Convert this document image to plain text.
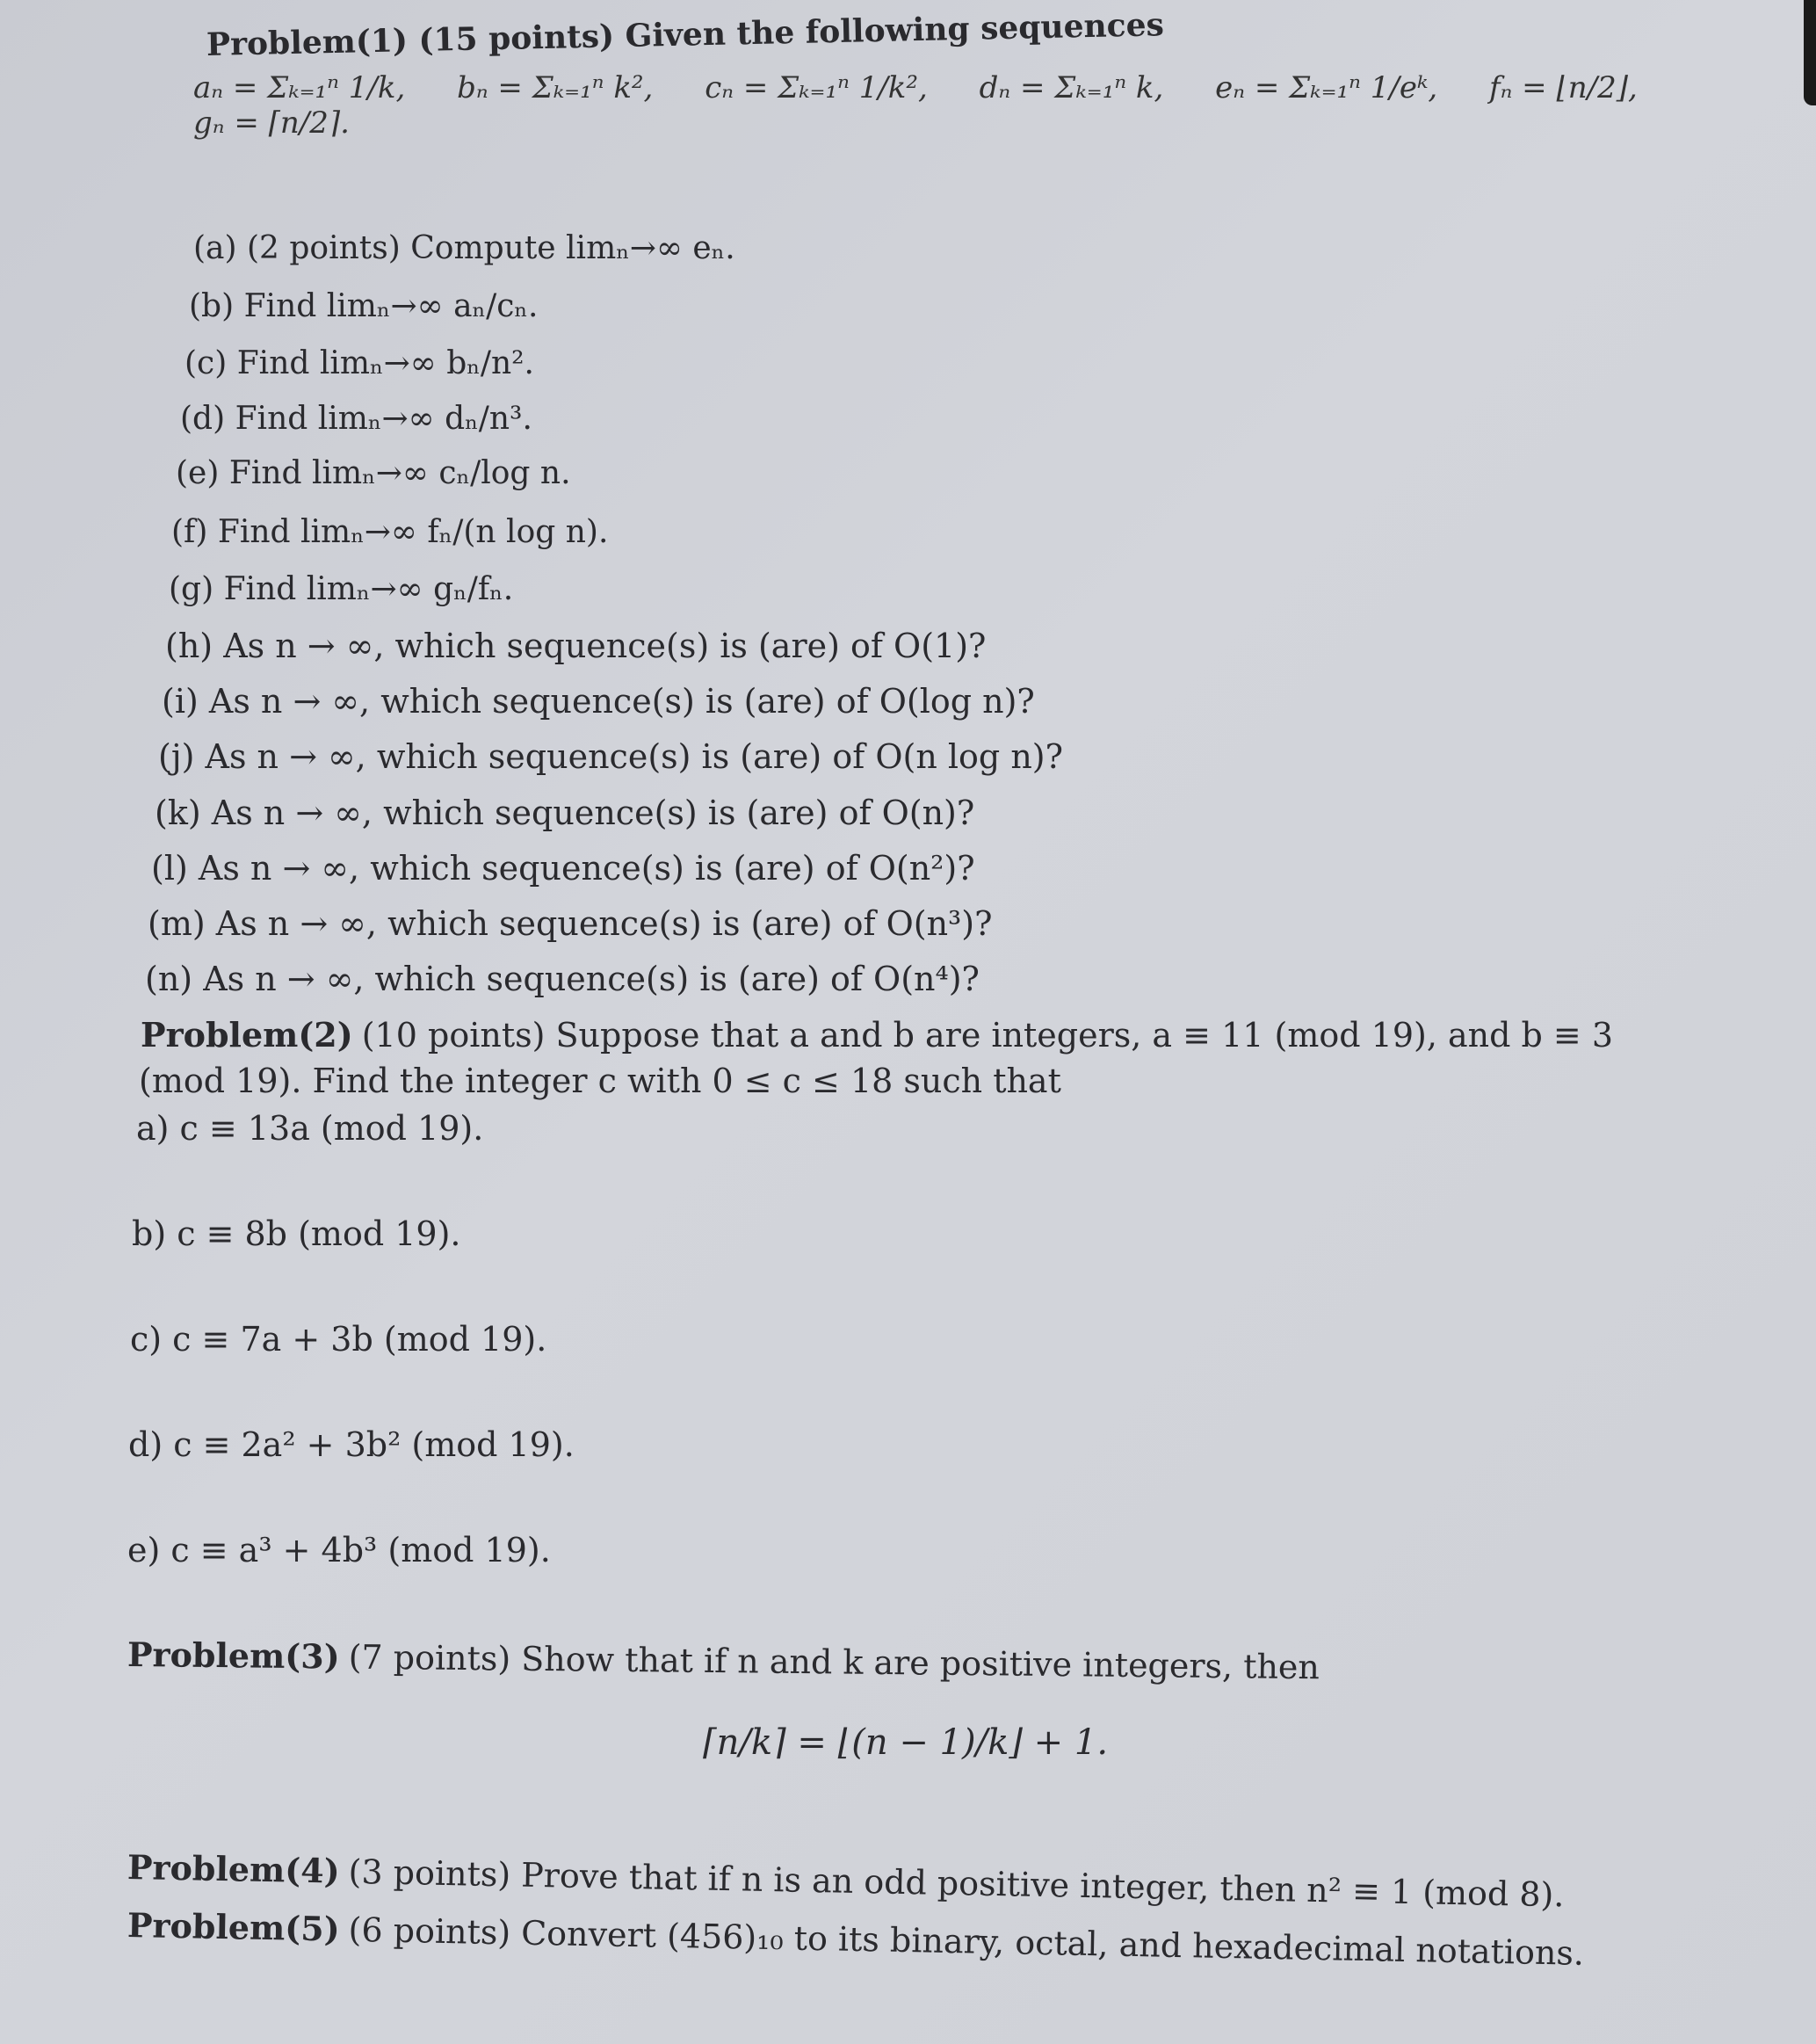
Problem(1) (15 points) Given the following sequences
aₙ = Σₖ₌₁ⁿ 1/k, bₙ = Σₖ₌₁ⁿ k², cₙ = Σₖ₌₁ⁿ 1/k², dₙ = Σₖ₌₁ⁿ k, eₙ = Σₖ₌₁ⁿ 1/eᵏ, fₙ = ⌊n/2⌋, gₙ = ⌈n/2⌉.
(a) (2 points) Compute limₙ→∞ eₙ.
(b) Find limₙ→∞ aₙ/cₙ.
(c) Find limₙ→∞ bₙ/n².
(d) Find limₙ→∞ dₙ/n³.
(e) Find limₙ→∞ cₙ/log n.
(f) Find limₙ→∞ fₙ/(n log n).
(g) Find limₙ→∞ gₙ/fₙ.
(h) As n → ∞, which sequence(s) is (are) of O(1)?
(i) As n → ∞, which sequence(s) is (are) of O(log n)?
(j) As n → ∞, which sequence(s) is (are) of O(n log n)?
(k) As n → ∞, which sequence(s) is (are) of O(n)?
(l) As n → ∞, which sequence(s) is (are) of O(n²)?
(m) As n → ∞, which sequence(s) is (are) of O(n³)?
(n) As n → ∞, which sequence(s) is (are) of O(n⁴)?
Problem(2) (10 points) Suppose that a and b are integers, a ≡ 11 (mod 19), and b ≡ 3
(mod 19). Find the integer c with 0 ≤ c ≤ 18 such that
a) c ≡ 13a (mod 19).
b) c ≡ 8b (mod 19).
c) c ≡ 7a + 3b (mod 19).
d) c ≡ 2a² + 3b² (mod 19).
e) c ≡ a³ + 4b³ (mod 19).
Problem(3) (7 points) Show that if n and k are positive integers, then
⌈n/k⌉ = ⌊(n − 1)/k⌋ + 1.
Problem(4) (3 points) Prove that if n is an odd positive integer, then n² ≡ 1 (mod 8).
Problem(5) (6 points) Convert (456)₁₀ to its binary, octal, and hexadecimal notations.
